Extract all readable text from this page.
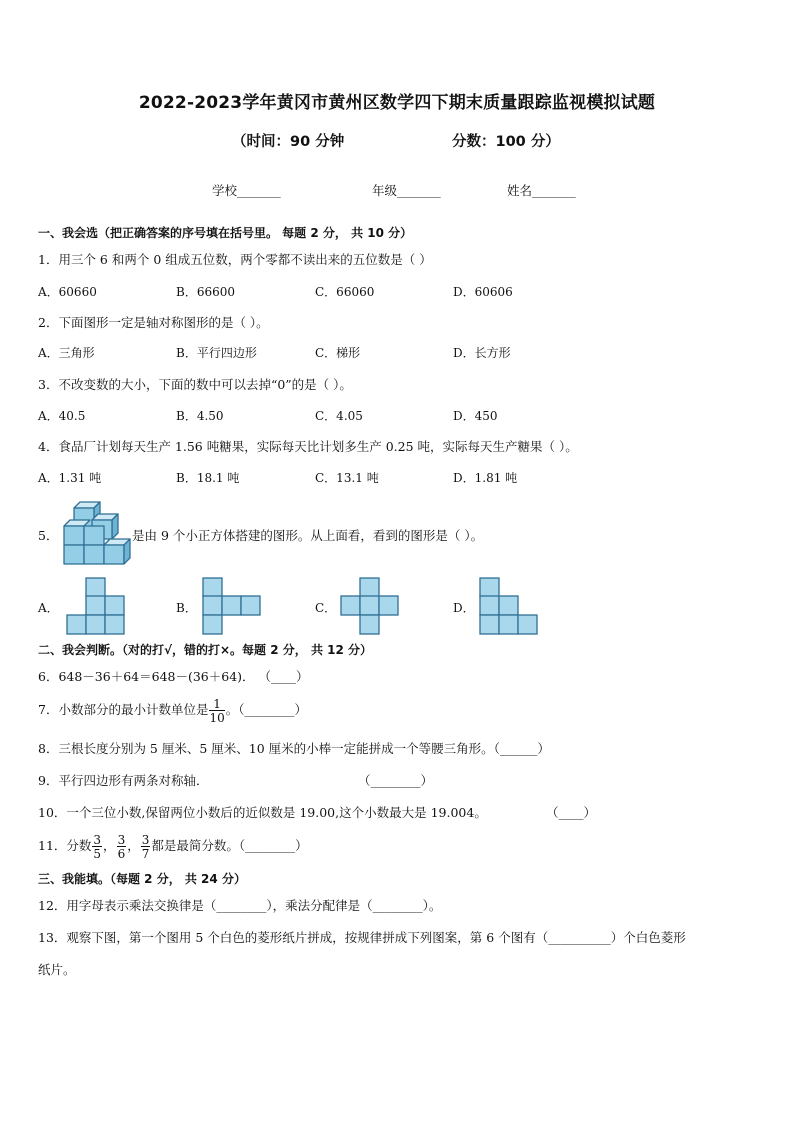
2022-2023学年黄冈市黄州区数学四下期末质量跟踪监视模拟试题
（时间：90 分钟	分数：100 分）
学校_______	年级_______	姓名_______
一、我会选（把正确答案的序号填在括号里。 每题 2 分， 共 10 分）
1．用三个 6 和两个 0 组成五位数，两个零都不读出来的五位数是（ ）
A．60660	B．66600	C．66060	D．60606
2．下面图形一定是轴对称图形的是（ ）。
A．三角形	B．平行四边形	C．梯形	D．长方形
3．不改变数的大小，下面的数中可以去掉“0”的是（ ）。
A．40.5	B．4.50	C．4.05	D．450
4．食品厂计划每天生产 1.56 吨糖果，实际每天比计划多生产 0.25 吨，实际每天生产糖果（ ）。
A．1.31 吨	B．18.1 吨	C．13.1 吨	D．1.81 吨
5．	是由 9 个小正方体搭建的图形。从上面看，看到的图形是（ ）。
A．	B．	C．	D．
二、我会判断。（对的打√，错的打×。每题 2 分， 共 12 分）
6．648－36＋64＝648－(36＋64)． （____）
7．小数部分的最小计数单位是 $\frac{1}{10}$ 。（________）
8．三根长度分别为 5 厘米、5 厘米、10 厘米的小棒一定能拼成一个等腰三角形。（______）
9．平行四边形有两条对称轴．	（________）
10．一个三位小数,保留两位小数后的近似数是 19.00,这个小数最大是 19.004。	（____）
11．分数 $\frac{3}{5}$ ， $\frac{3}{6}$ ， $\frac{3}{7}$ 都是最简分数。（________）
三、我能填。（每题 2 分， 共 24 分）
12．用字母表示乘法交换律是（________），乘法分配律是（________）。
13．观察下图，第一个图用 5 个白色的菱形纸片拼成，按规律拼成下列图案，第 6 个图有（__________）个白色菱形
纸片。
